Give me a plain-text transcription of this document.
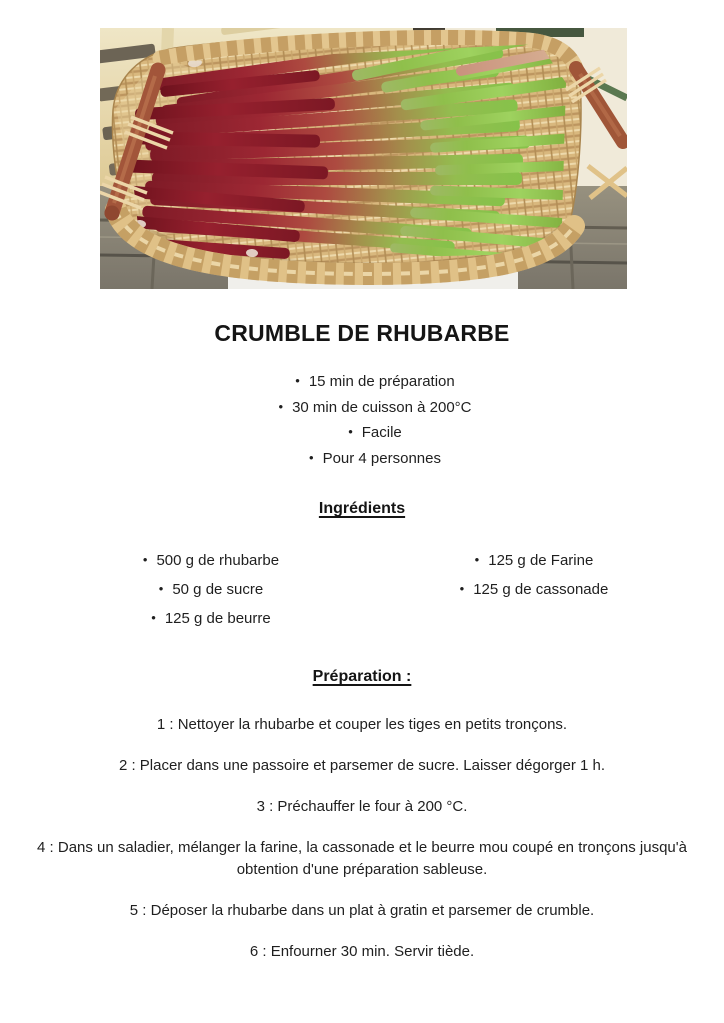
CRUMBLE DE RHUBARBE
• 15 min de préparation
• 30 min de cuisson à 200°C
• Facile
• Pour 4 personnes
Ingrédients
• 500 g de rhubarbe
• 50 g de sucre
• 125 g de beurre
• 125 g de Farine
• 125 g de cassonade
Préparation :

1 : Nettoyer la rhubarbe et couper les tiges en petits tronçons.

2 : Placer dans une passoire et parsemer de sucre. Laisser dégorger 1 h.

3 : Préchauffer le four à 200 °C.

4 : Dans un saladier, mélanger la farine, la cassonade et le beurre mou coupé en tronçons jusqu'à obtention d'une préparation sableuse.

5 : Déposer la rhubarbe dans un plat à gratin et parsemer de crumble.

6 : Enfourner 30 min. Servir tiède.
